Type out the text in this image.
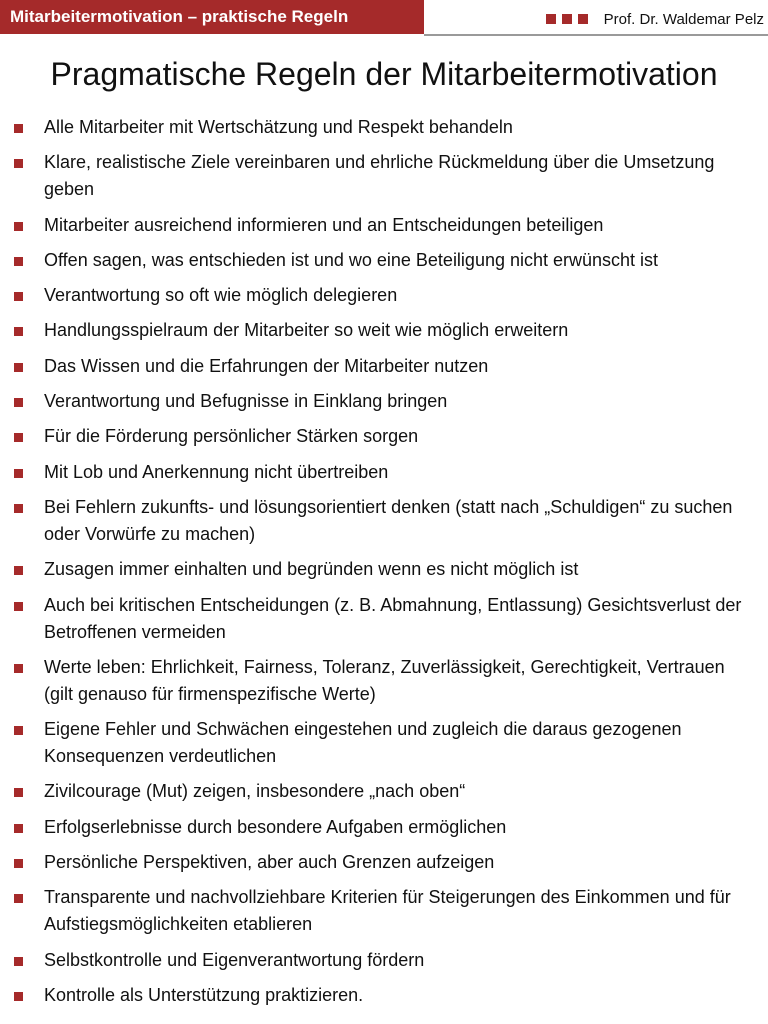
Mitarbeitermotivation – praktische Regeln	Prof. Dr. Waldemar Pelz
Pragmatische Regeln der Mitarbeitermotivation
Alle Mitarbeiter mit Wertschätzung und Respekt behandeln
Klare, realistische Ziele vereinbaren und ehrliche Rückmeldung über die Umsetzung geben
Mitarbeiter ausreichend informieren und an Entscheidungen beteiligen
Offen sagen, was entschieden ist und wo eine Beteiligung nicht erwünscht ist
Verantwortung so oft wie möglich delegieren
Handlungsspielraum der Mitarbeiter so weit wie möglich erweitern
Das Wissen und die Erfahrungen der Mitarbeiter nutzen
Verantwortung und Befugnisse in Einklang bringen
Für die Förderung persönlicher Stärken sorgen
Mit Lob und Anerkennung nicht übertreiben
Bei Fehlern zukunfts- und lösungsorientiert denken (statt nach „Schuldigen“ zu suchen oder Vorwürfe zu machen)
Zusagen immer einhalten und begründen wenn es nicht möglich ist
Auch bei kritischen Entscheidungen (z. B. Abmahnung, Entlassung) Gesichtsverlust der Betroffenen vermeiden
Werte leben: Ehrlichkeit, Fairness, Toleranz, Zuverlässigkeit, Gerechtigkeit, Vertrauen (gilt genauso für firmenspezifische Werte)
Eigene Fehler und Schwächen eingestehen und zugleich die daraus gezogenen Konsequenzen verdeutlichen
Zivilcourage (Mut) zeigen, insbesondere „nach oben“
Erfolgserlebnisse durch besondere Aufgaben ermöglichen
Persönliche Perspektiven, aber auch Grenzen aufzeigen
Transparente und nachvollziehbare Kriterien für Steigerungen des Einkommen und für Aufstiegsmöglichkeiten etablieren
Selbstkontrolle und Eigenverantwortung fördern
Kontrolle als Unterstützung praktizieren.
